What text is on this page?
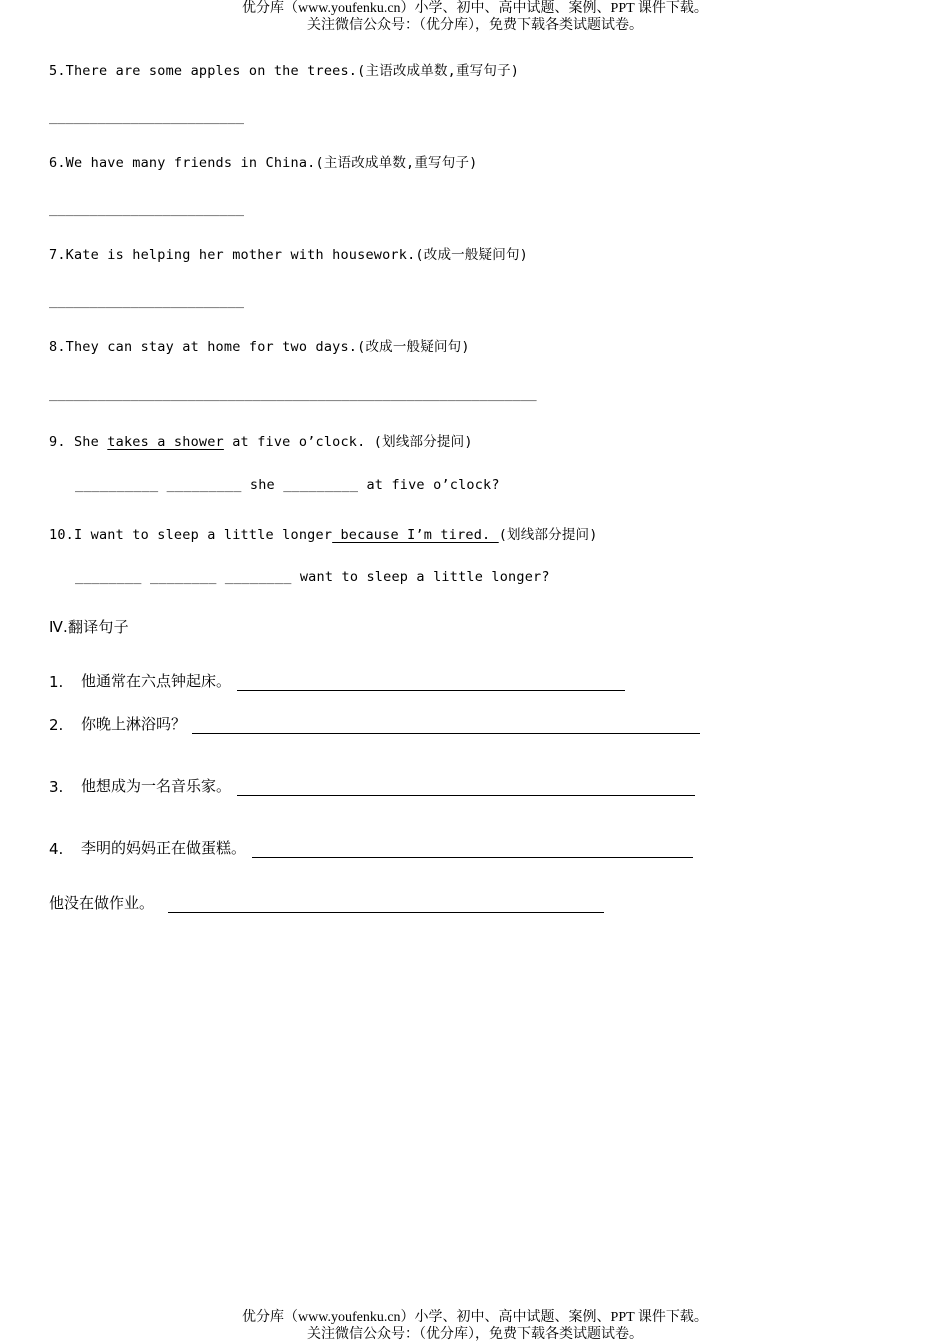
优分库（www.youfenku.cn）小学、初中、高中试题、案例、PPT 课件下载。
关注微信公众号：（优分库），免费下载各类试题试卷。
5.There are some apples on the trees.(主语改成单数,重写句子)
________________________
6.We have many friends in China.(主语改成单数,重写句子)
________________________
7.Kate is helping her mother with housework.(改成一般疑问句)
________________________
8.They can stay at home for two days.(改成一般疑问句)
____________________________________________________________
9. She takes a shower at five o’clock. (划线部分提问)
__________ _________ she _________ at five o’clock?
10.I want to sleep a little longer because I’m tired. (划线部分提问)
________ ________ ________ want to sleep a little longer?
Ⅳ.翻译句子
1.	他通常在六点钟起床。
2.	你晚上淋浴吗？
3.	他想成为一名音乐家。
4.	李明的妈妈正在做蛋糕。
他没在做作业。
优分库（www.youfenku.cn）小学、初中、高中试题、案例、PPT 课件下载。
关注微信公众号：（优分库），免费下载各类试题试卷。
